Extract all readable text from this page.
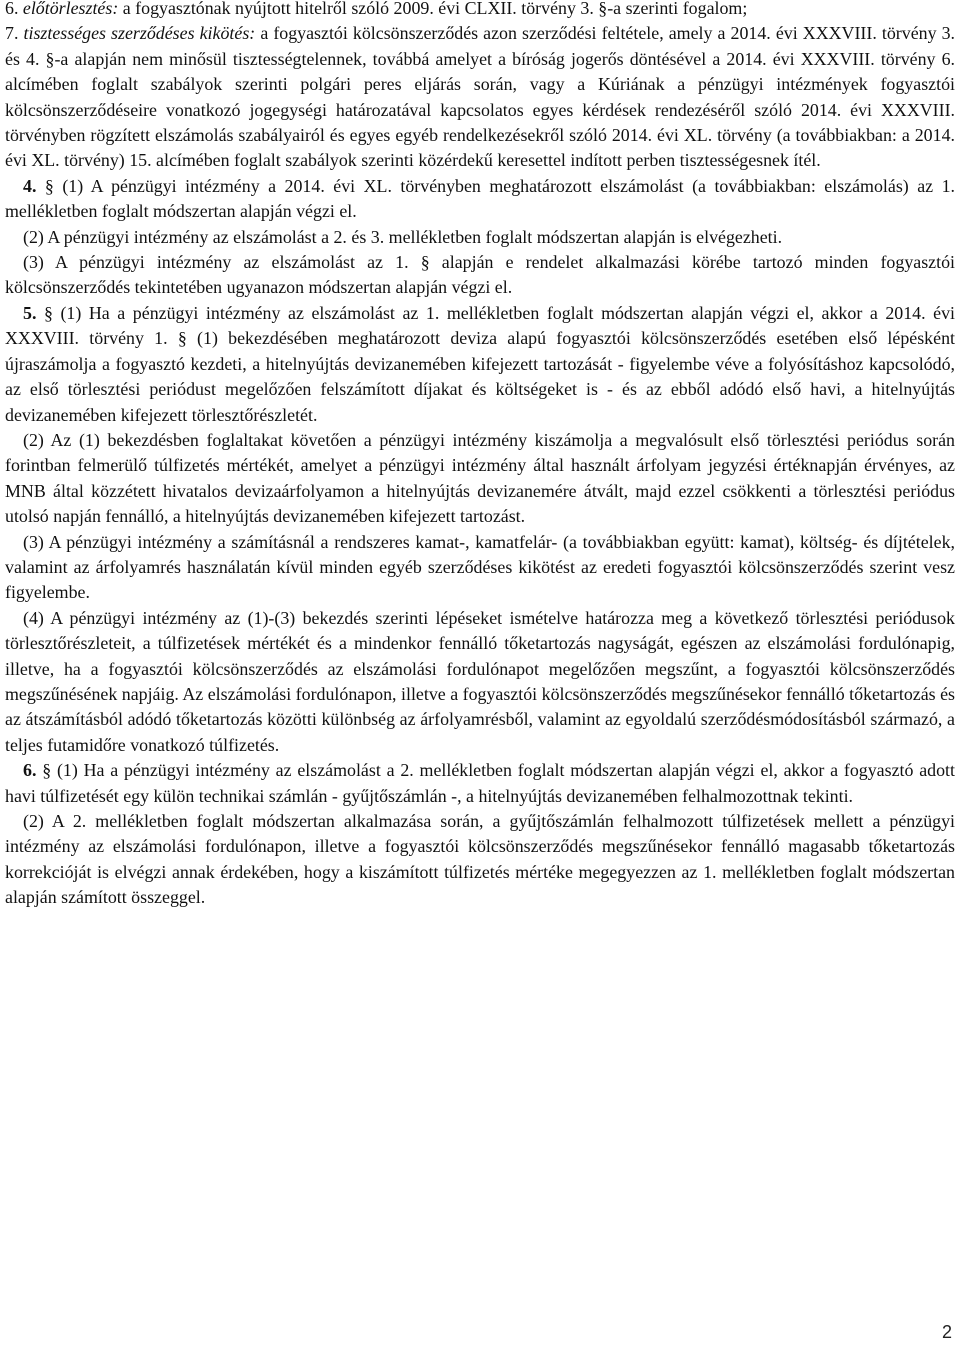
6. előtörlesztés: a fogyasztónak nyújtott hitelről szóló 2009. évi CLXII. törvény 3. §-a szerinti fogalom;

7. tisztességes szerződéses kikötés: a fogyasztói kölcsönszerződés azon szerződési feltétele, amely a 2014. évi XXXVIII. törvény 3. és 4. §-a alapján nem minősül tisztességtelennek, továbbá amelyet a bíróság jogerős döntésével a 2014. évi XXXVIII. törvény 6. alcímében foglalt szabályok szerinti polgári peres eljárás során, vagy a Kúriának a pénzügyi intézmények fogyasztói kölcsönszerződéseire vonatkozó jogegységi határozatával kapcsolatos egyes kérdések rendezéséről szóló 2014. évi XXXVIII. törvényben rögzített elszámolás szabályairól és egyes egyéb rendelkezésekről szóló 2014. évi XL. törvény (a továbbiakban: a 2014. évi XL. törvény) 15. alcímében foglalt szabályok szerinti közérdekű keresettel indított perben tisztességesnek ítél.

4. § (1) A pénzügyi intézmény a 2014. évi XL. törvényben meghatározott elszámolást (a továbbiakban: elszámolás) az 1. mellékletben foglalt módszertan alapján végzi el.

(2) A pénzügyi intézmény az elszámolást a 2. és 3. mellékletben foglalt módszertan alapján is elvégezheti.

(3) A pénzügyi intézmény az elszámolást az 1. § alapján e rendelet alkalmazási körébe tartozó minden fogyasztói kölcsönszerződés tekintetében ugyanazon módszertan alapján végzi el.

5. § (1) Ha a pénzügyi intézmény az elszámolást az 1. mellékletben foglalt módszertan alapján végzi el, akkor a 2014. évi XXXVIII. törvény 1. § (1) bekezdésében meghatározott deviza alapú fogyasztói kölcsönszerződés esetében első lépésként újraszámolja a fogyasztó kezdeti, a hitelnyújtás devizanemében kifejezett tartozását - figyelembe véve a folyósításhoz kapcsolódó, az első törlesztési periódust megelőzően felszámított díjakat és költségeket is - és az ebből adódó első havi, a hitelnyújtás devizanemében kifejezett törlesztőrészletét.

(2) Az (1) bekezdésben foglaltakat követően a pénzügyi intézmény kiszámolja a megvalósult első törlesztési periódus során forintban felmerülő túlfizetés mértékét, amelyet a pénzügyi intézmény által használt árfolyam jegyzési értéknapján érvényes, az MNB által közzétett hivatalos devizaárfolyamon a hitelnyújtás devizanemére átvált, majd ezzel csökkenti a törlesztési periódus utolsó napján fennálló, a hitelnyújtás devizanemében kifejezett tartozást.

(3) A pénzügyi intézmény a számításnál a rendszeres kamat-, kamatfelár- (a továbbiakban együtt: kamat), költség- és díjtételek, valamint az árfolyamrés használatán kívül minden egyéb szerződéses kikötést az eredeti fogyasztói kölcsönszerződés szerint vesz figyelembe.

(4) A pénzügyi intézmény az (1)-(3) bekezdés szerinti lépéseket ismételve határozza meg a következő törlesztési periódusok törlesztőrészleteit, a túlfizetések mértékét és a mindenkor fennálló tőketartozás nagyságát, egészen az elszámolási fordulónapig, illetve, ha a fogyasztói kölcsönszerződés az elszámolási fordulónapot megelőzően megszűnt, a fogyasztói kölcsönszerződés megszűnésének napjáig. Az elszámolási fordulónapon, illetve a fogyasztói kölcsönszerződés megszűnésekor fennálló tőketartozás és az átszámításból adódó tőketartozás közötti különbség az árfolyamrésből, valamint az egyoldalú szerződésmódosításból származó, a teljes futamidőre vonatkozó túlfizetés.

6. § (1) Ha a pénzügyi intézmény az elszámolást a 2. mellékletben foglalt módszertan alapján végzi el, akkor a fogyasztó adott havi túlfizetését egy külön technikai számlán - gyűjtőszámlán -, a hitelnyújtás devizanemében felhalmozottnak tekinti.

(2) A 2. mellékletben foglalt módszertan alkalmazása során, a gyűjtőszámlán felhalmozott túlfizetések mellett a pénzügyi intézmény az elszámolási fordulónapon, illetve a fogyasztói kölcsönszerződés megszűnésekor fennálló magasabb tőketartozás korrekcióját is elvégzi annak érdekében, hogy a kiszámított túlfizetés mértéke megegyezzen az 1. mellékletben foglalt módszertan alapján számított összeggel.

2
